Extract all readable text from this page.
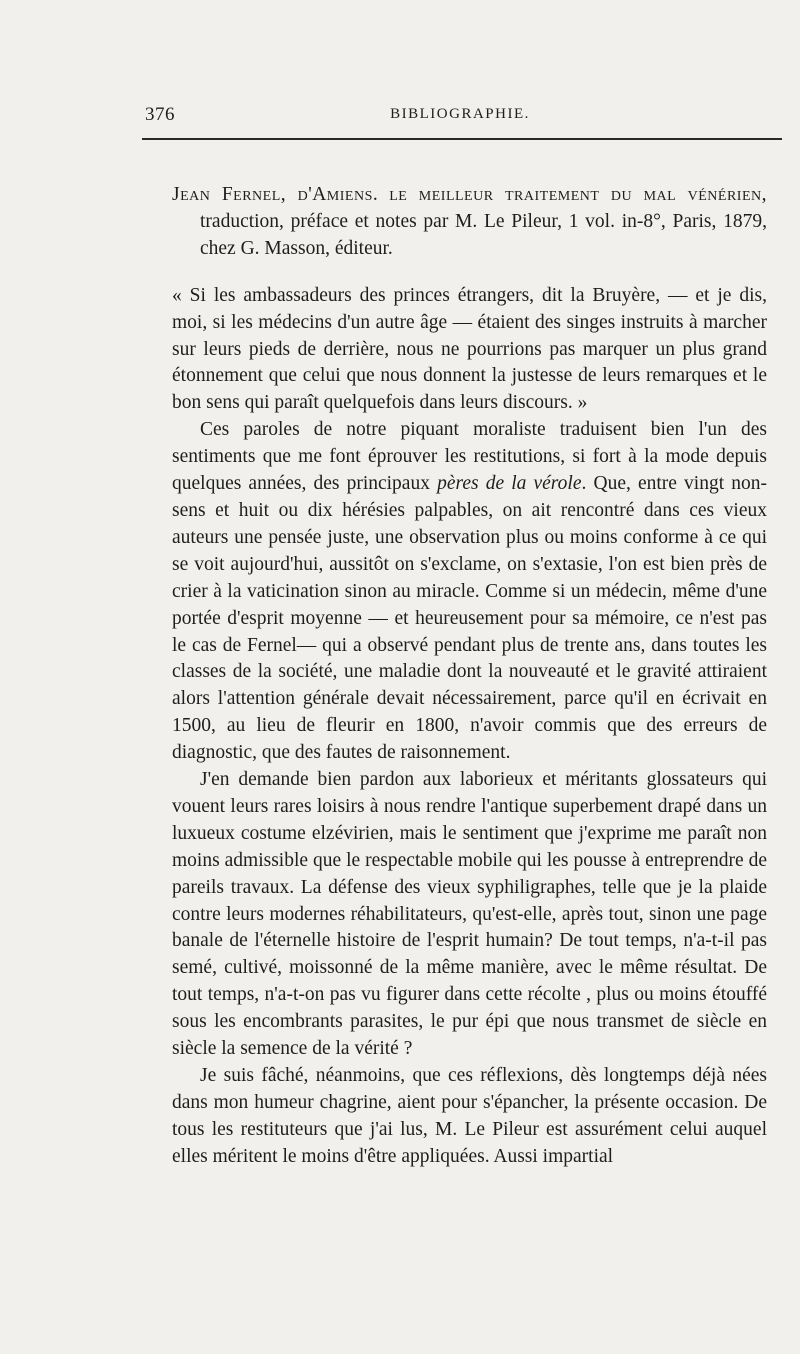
376	BIBLIOGRAPHIE.

Jean Fernel, d'Amiens. le meilleur traitement du mal vénérien, traduction, préface et notes par M. Le Pileur, 1 vol. in-8°, Paris, 1879, chez G. Masson, éditeur.

« Si les ambassadeurs des princes étrangers, dit la Bruyère, — et je dis, moi, si les médecins d'un autre âge — étaient des singes instruits à marcher sur leurs pieds de derrière, nous ne pourrions pas marquer un plus grand étonnement que celui que nous donnent la justesse de leurs remarques et le bon sens qui paraît quelquefois dans leurs discours. »

Ces paroles de notre piquant moraliste traduisent bien l'un des sentiments que me font éprouver les restitutions, si fort à la mode depuis quelques années, des principaux pères de la vérole. Que, entre vingt non-sens et huit ou dix hérésies palpables, on ait rencontré dans ces vieux auteurs une pensée juste, une observation plus ou moins conforme à ce qui se voit aujourd'hui, aussitôt on s'exclame, on s'extasie, l'on est bien près de crier à la vaticination sinon au miracle. Comme si un médecin, même d'une portée d'esprit moyenne — et heureusement pour sa mémoire, ce n'est pas le cas de Fernel— qui a observé pendant plus de trente ans, dans toutes les classes de la société, une maladie dont la nouveauté et le gravité attiraient alors l'attention générale devait nécessairement, parce qu'il en écrivait en 1500, au lieu de fleurir en 1800, n'avoir commis que des erreurs de diagnostic, que des fautes de raisonnement.

J'en demande bien pardon aux laborieux et méritants glossateurs qui vouent leurs rares loisirs à nous rendre l'antique superbement drapé dans un luxueux costume elzévirien, mais le sentiment que j'exprime me paraît non moins admissible que le respectable mobile qui les pousse à entreprendre de pareils travaux. La défense des vieux syphiligraphes, telle que je la plaide contre leurs modernes réhabilitateurs, qu'est-elle, après tout, sinon une page banale de l'éternelle histoire de l'esprit humain? De tout temps, n'a-t-il pas semé, cultivé, moissonné de la même manière, avec le même résultat. De tout temps, n'a-t-on pas vu figurer dans cette récolte , plus ou moins étouffé sous les encombrants parasites, le pur épi que nous transmet de siècle en siècle la semence de la vérité ?

Je suis fâché, néanmoins, que ces réflexions, dès longtemps déjà nées dans mon humeur chagrine, aient pour s'épancher, la présente occasion. De tous les restituteurs que j'ai lus, M. Le Pileur est assurément celui auquel elles méritent le moins d'être appliquées. Aussi impartial
